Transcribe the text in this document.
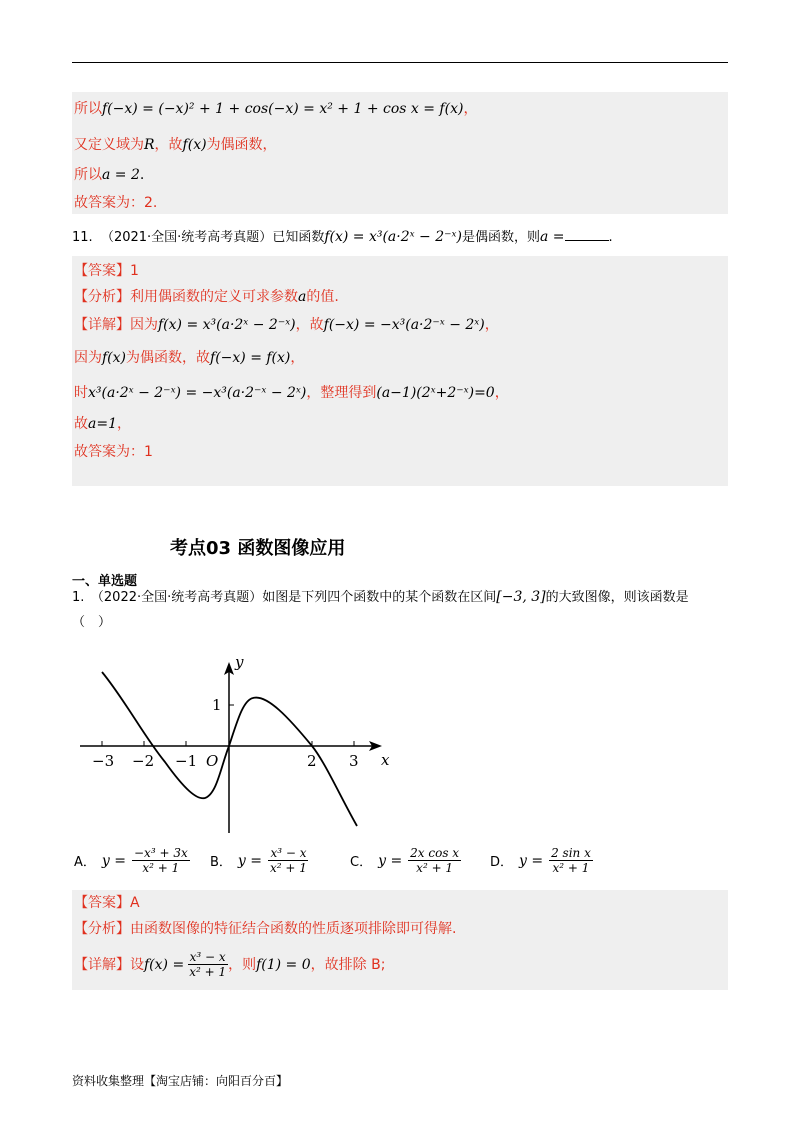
所以f(−x) = (−x)² + 1 + cos(−x) = x² + 1 + cos x = f(x)，
又定义域为R，故f(x)为偶函数，
所以a = 2.
故答案为：2.
11. （2021·全国·统考高考真题）已知函数f(x) = x³(a·2ˣ − 2⁻ˣ)是偶函数，则a =	.
【答案】1
【分析】利用偶函数的定义可求参数a的值.
【详解】因为f(x) = x³(a·2ˣ − 2⁻ˣ)，故f(−x) = −x³(a·2⁻ˣ − 2ˣ)，
因为f(x)为偶函数，故f(−x) = f(x)，
时x³(a·2ˣ − 2⁻ˣ) = −x³(a·2⁻ˣ − 2ˣ)，整理得到(a−1)(2ˣ+2⁻ˣ)=0，
故a=1，
故答案为：1
考点03 函数图像应用
一、单选题
1.　（2022·全国·统考高考真题）如图是下列四个函数中的某个函数在区间[−3, 3]的大致图像，则该函数是
（　）
−3 −2 −1 O	2 3 x
y
1
A． $y = \frac{\text{−x³ + 3x}}{\text{x² + 1}}$ B． $y = \frac{\text{x³ − x}}{\text{x² + 1}}$	C． $y = \frac{\text{2x cos x}}{\text{x² + 1}}$ D． $y = \frac{\text{2 sin x}}{\text{x² + 1}}$
【答案】A
【分析】由函数图像的特征结合函数的性质逐项排除即可得解.
【详解】 设 $f(x) = \frac{\text{x³ − x}}{\text{x² + 1}}$ ，则 f(1) = 0 ，故排除 B;
资料收集整理【淘宝店铺：向阳百分百】
